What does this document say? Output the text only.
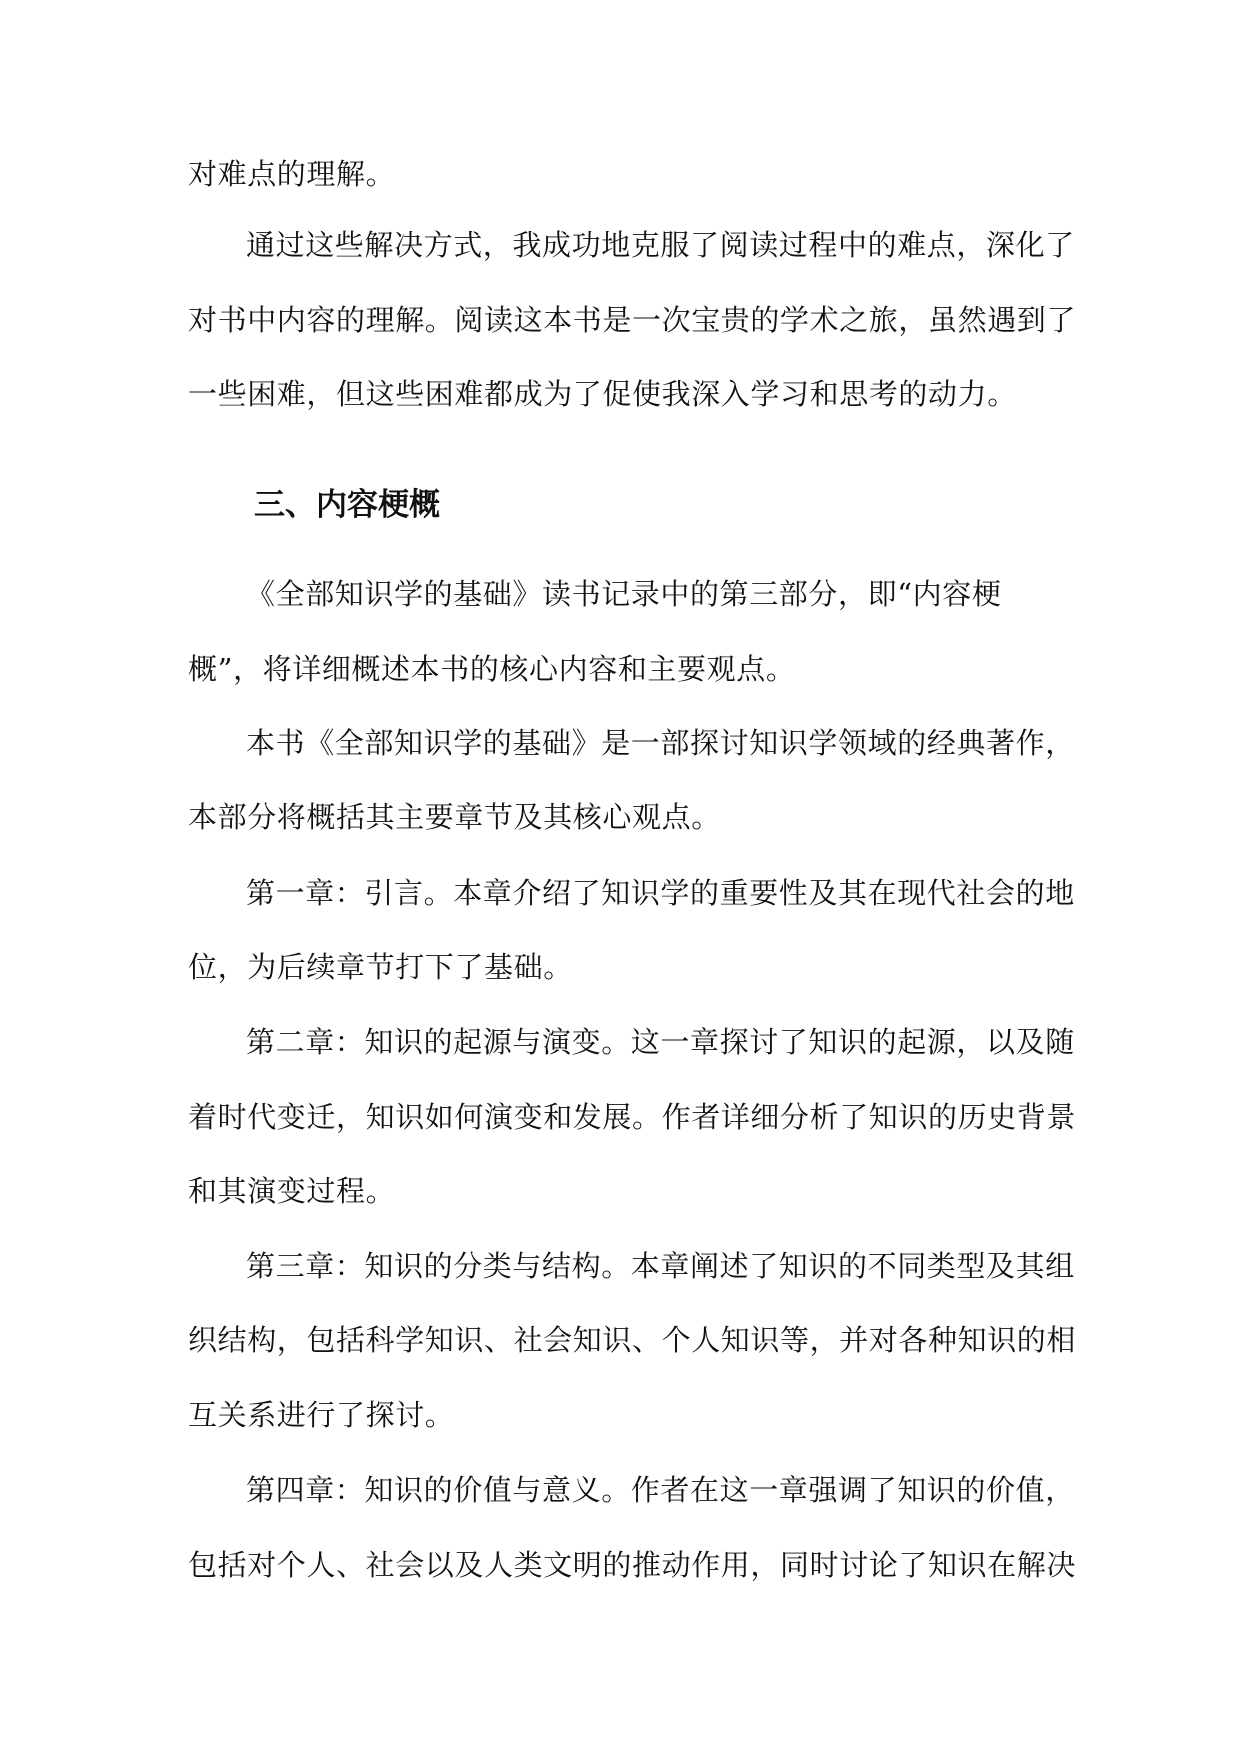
对难点的理解。
通过这些解决方式，我成功地克服了阅读过程中的难点，深化了
对书中内容的理解。阅读这本书是一次宝贵的学术之旅，虽然遇到了
一些困难，但这些困难都成为了促使我深入学习和思考的动力。
三、内容梗概
《全部知识学的基础》读书记录中的第三部分，即“内容梗
概”，将详细概述本书的核心内容和主要观点。
本书《全部知识学的基础》是一部探讨知识学领域的经典著作，
本部分将概括其主要章节及其核心观点。
第一章：引言。本章介绍了知识学的重要性及其在现代社会的地
位，为后续章节打下了基础。
第二章：知识的起源与演变。这一章探讨了知识的起源，以及随
着时代变迁，知识如何演变和发展。作者详细分析了知识的历史背景
和其演变过程。
第三章：知识的分类与结构。本章阐述了知识的不同类型及其组
织结构，包括科学知识、社会知识、个人知识等，并对各种知识的相
互关系进行了探讨。
第四章：知识的价值与意义。作者在这一章强调了知识的价值，
包括对个人、社会以及人类文明的推动作用，同时讨论了知识在解决
